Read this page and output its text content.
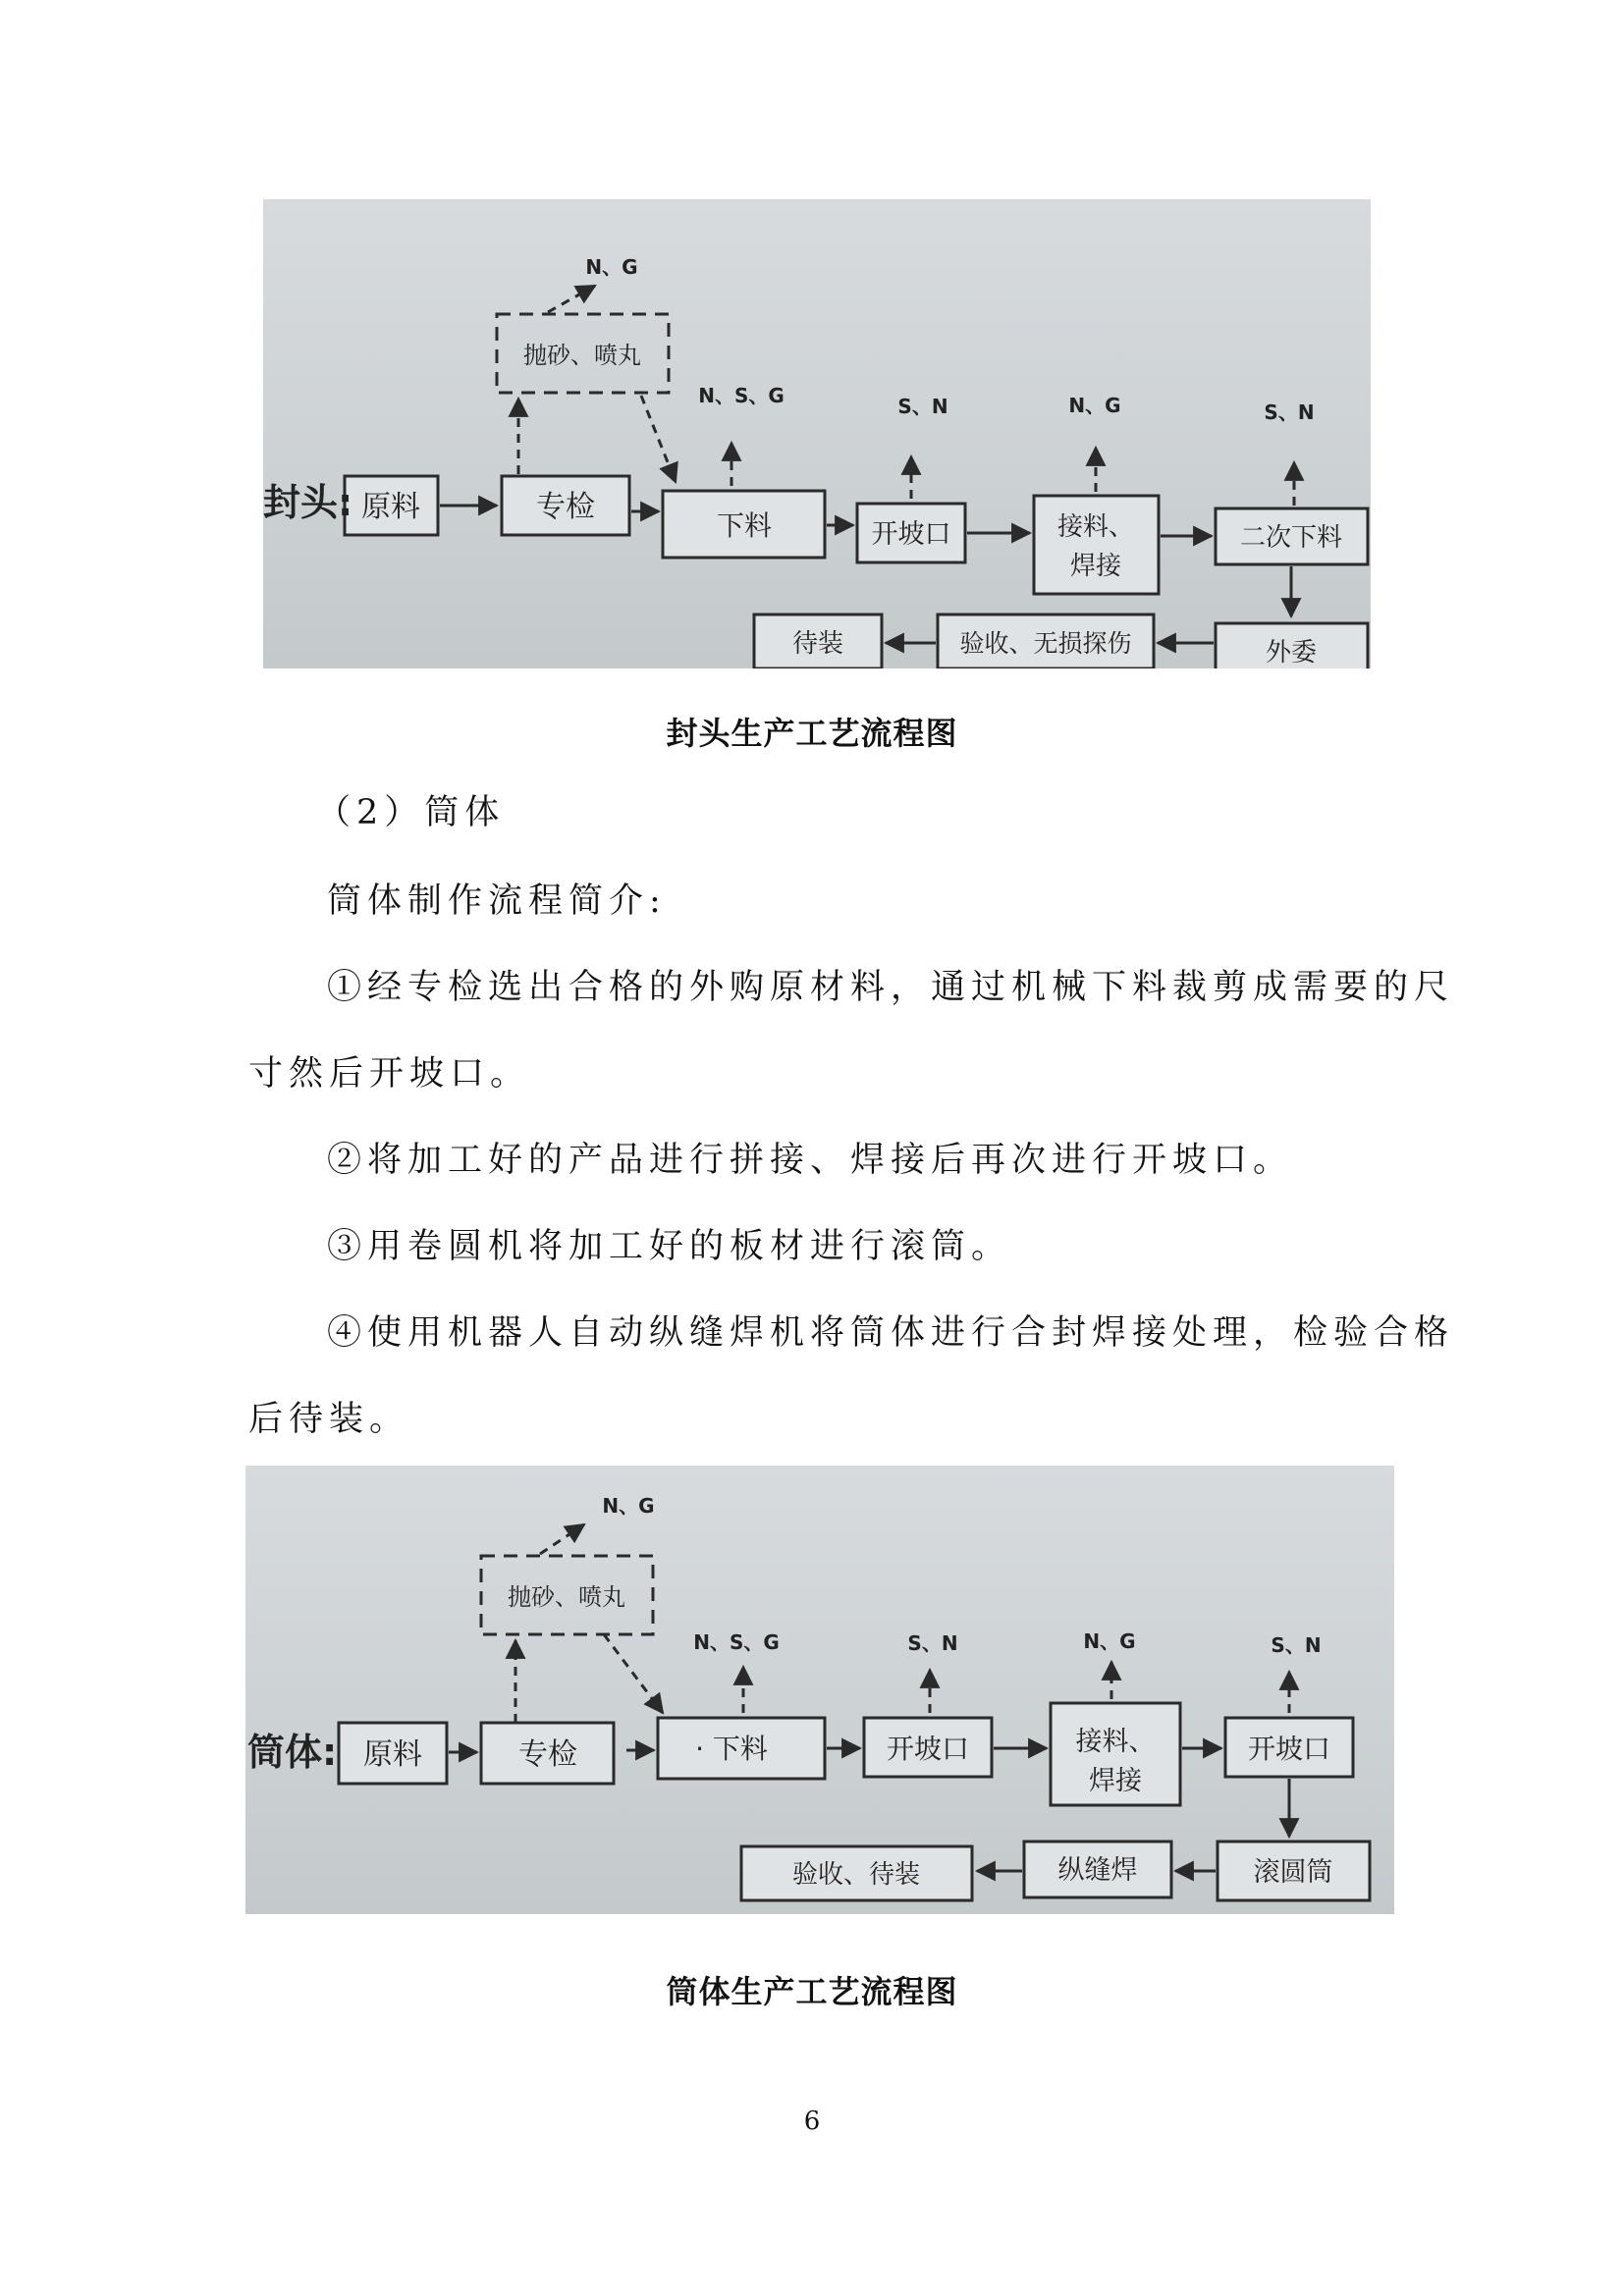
封头: 原料	专检
抛砂、喷丸
下料	开坡口	接料、
焊接
二次下料
外委
验收、无损探伤
待装
N、G
N、S、G	S、N	N、G	S、N
封头生产工艺流程图
（2）筒体
筒体制作流程简介:
①经专检选出合格的外购原材料，通过机械下料裁剪成需要的尺
寸然后开坡口。
②将加工好的产品进行拼接、焊接后再次进行开坡口。
③用卷圆机将加工好的板材进行滚筒。
④使用机器人自动纵缝焊机将筒体进行合封焊接处理，检验合格
后待装。
筒体: 原料	专检
抛砂、喷丸
· 下料	开坡口	接料、
焊接
开坡口
滚圆筒
纵缝焊
验收、待装
N、G
N、S、G	S、N	N、G	S、N
筒体生产工艺流程图
6
